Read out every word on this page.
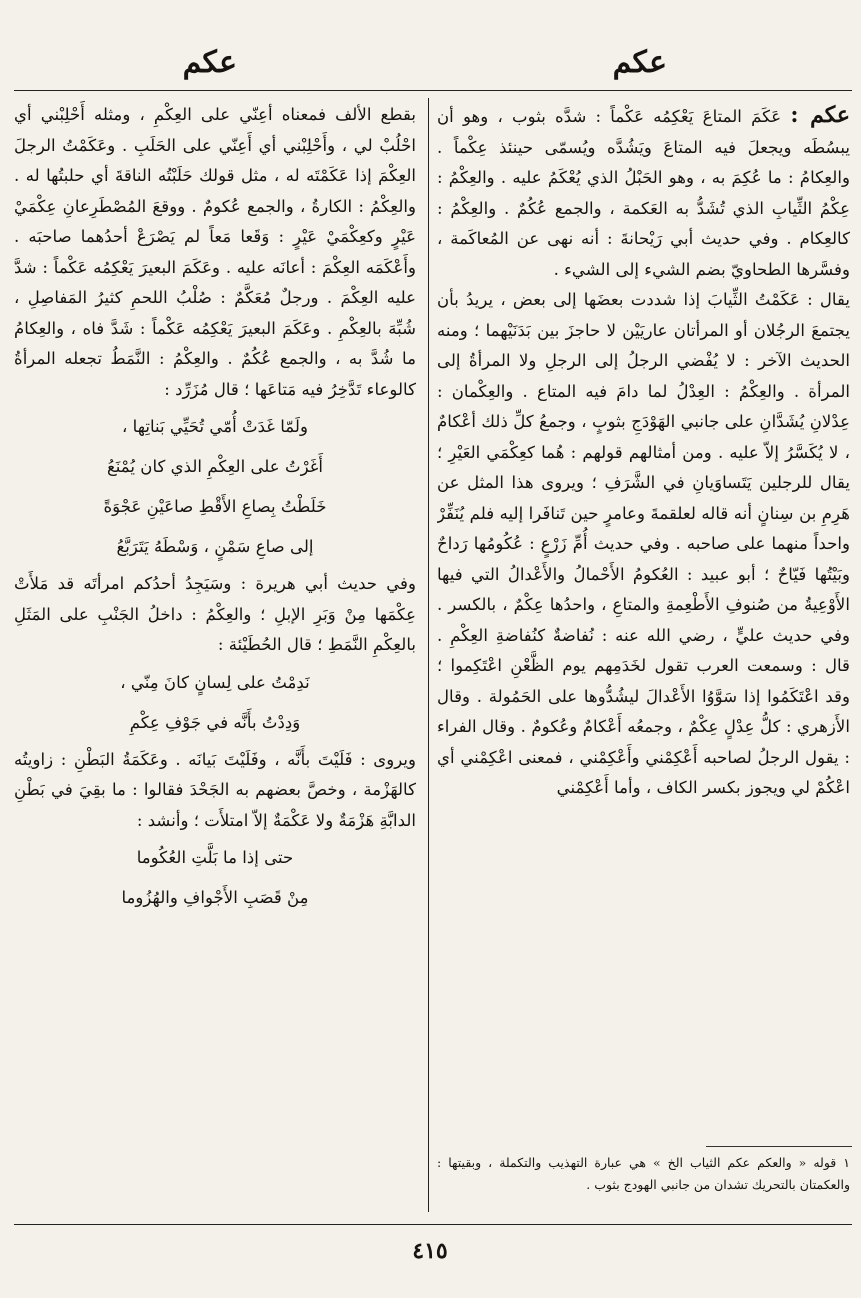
عكم
عكم

عكم : عَكَمَ المتاعَ يَعْكِمُه عَكْماً : شدَّه بثوب ، وهو أن يبسُطَه ويجعلَ فيه المتاعَ ويَشُدَّه ويُسمّى حينئذ عِكْماً . والعِكامُ : ما عُكِمَ به ، وهو الحَبْلُ الذي يُعْكَمُ عليه . والعِكْمُ : عِكْمُ الثِّيابِ الذي تُشَدُّ به العَكمة ، والجمع عُكُمٌ . والعِكْمُ : كالعِكام . وفي حديث أبي رَيْحانةَ : أنه نهى عن المُعاكَمة ، وفسَّرها الطحاويّ بضم الشيء إلى الشيء .

يقال : عَكَمْتُ الثِّيابَ إذا شددت بعضَها إلى بعض ، يريدُ بأن يجتمعَ الرجُلان أو المرأتان عاريَيْن لا حاجزَ بين بَدَنَيْهما ؛ ومنه الحديث الآخر : لا يُفْضي الرجلُ إلى الرجلِ ولا المرأةُ إلى المرأة . والعِكْمُ : العِدْلُ لما دامَ فيه المتاع . والعِكْمان : عِدْلانِ يُشَدَّانِ على جانبي الهَوْدَجِ بثوبٍ ، وجمعُ كلِّ ذلك أعْكامٌ ، لا يُكَسَّرُ إلاّ عليه . ومن أمثالهم قولهم : هُما كعِكْمَي العَيْرِ ؛ يقال للرجلين يَتَساوَيانِ في الشَّرَفِ ؛ ويروى هذا المثل عن هَرِمِ بن سِنانٍ أنه قاله لعلقمةَ وعامرٍ حين تَنافَرا إليه فلم يُنَفِّرْ واحداً منهما على صاحبه . وفي حديث أُمِّ زَرْعٍ : عُكُومُها رَداحٌ وبَيْتُها فَيّاحٌ ؛ أبو عبيد : العُكومُ الأَحْمالُ والأَعْدالُ التي فيها الأَوْعِيةُ من صُنوفِ الأَطْعِمةِ والمتاعِ ، واحدُها عِكْمٌ ، بالكسر . وفي حديث عليٍّ ، رضي الله عنه : نُفاضةٌ كنُفاضةِ العِكْمِ . قال : وسمعت العرب تقول لخَدَمِهم يوم الظَّعْنِ اعْتَكِموا ؛ وقد اعْتَكَمُوا إذا سَوَّوُا الأَعْدالَ ليشُدُّوها على الحَمُولة . وقال الأَزهري : كلُّ عِدْلٍ عِكْمٌ ، وجمعُه أَعْكامٌ وعُكومٌ . وقال الفراء : يقول الرجلُ لصاحبه أَعْكِمْني وأَعْكِمْني ، فمعنى اعْكِمْني أي اعْكُمْ لي ويجوز بكسر الكاف ، وأما أَعْكِمْني

١ قوله « والعكم عكم الثياب الخ » هي عبارة التهذيب والتكملة ، وبقيتها : والعكمتان بالتحريك تشدان من جانبي الهودج بثوب .

بقطع الألف فمعناه أعِنّي على العِكْمِ ، ومثله أَحْلِبْني أي احْلُبْ لي ، وأَحْلِبْني أي أَعِنّي على الحَلَبِ . وعَكَمْتُ الرجلَ العِكْمَ إذا عَكَمْتَه له ، مثل قولك حَلَبْتُه الناقةَ أي حلبتُها له . والعِكْمُ : الكارةُ ، والجمع عُكومٌ . ووقعَ المُصْطَرِعانِ عِكْمَيْ عَيْرٍ وكعِكْمَيْ عَيْرٍ : وَقَعا مَعاً لم يَصْرَعْ أحدُهما صاحبَه . وأَعْكَمَه العِكْمَ : أعانَه عليه . وعَكَمَ البعيرَ يَعْكِمُه عَكْماً : شدَّ عليه العِكْمَ . ورجلٌ مُعَكَّمٌ : صُلْبُ اللحمِ كثيرُ المَفاصِلِ ، شُبِّهَ بالعِكْمِ . وعَكَمَ البعيرَ يَعْكِمُه عَكْماً : شَدَّ فاه ، والعِكامُ ما شُدَّ به ، والجمع عُكُمٌ . والعِكْمُ : النَّمَطُ تجعله المرأةُ كالوعاء تَدَّخِرُ فيه مَتاعَها ؛ قال مُزَرِّد :

ولَمّا غَدَتْ أُمّي تُحَيِّي بَناتِها ،

أَغَرْتُ على العِكْمِ الذي كان يُمْنَعُ

خَلَطْتُ بِصاعِ الأَقْطِ صاعَيْنِ عَجْوَةً

إلى صاعِ سَمْنٍ ، وَسْطَهُ يَتَرَبَّعُ

وفي حديث أبي هريرة : وسَيَجِدُ أحدُكم امرأتَه قد مَلأَتْ عِكْمَها مِنْ وَبَرِ الإبلِ ؛ والعِكْمُ : داخلُ الجَنْبِ على المَثَلِ بالعِكْمِ النَّمَطِ ؛ قال الحُطَيْئة :

نَدِمْتُ على لِسانٍ كانَ مِنّي ،

وَدِدْتُ بأَنَّه في جَوْفِ عِكْمِ

ويروى : فَلَيْتَ بأَنَّه ، وفَلَيْتَ بَيانَه . وعَكَمَةُ البَطْنِ : زاويتُه كالهَزْمة ، وخصَّ بعضهم به الجَحْدَ فقالوا : ما بقِيَ في بَطْنِ الدابَّةِ هَزْمَةٌ ولا عَكْمَةٌ إلاّ امتلأَت ؛ وأنشد :

حتى إذا ما بَلَّتِ العُكُوما

مِنْ قَصَبِ الأَجْوافِ والهُزُوما

٤١٥
